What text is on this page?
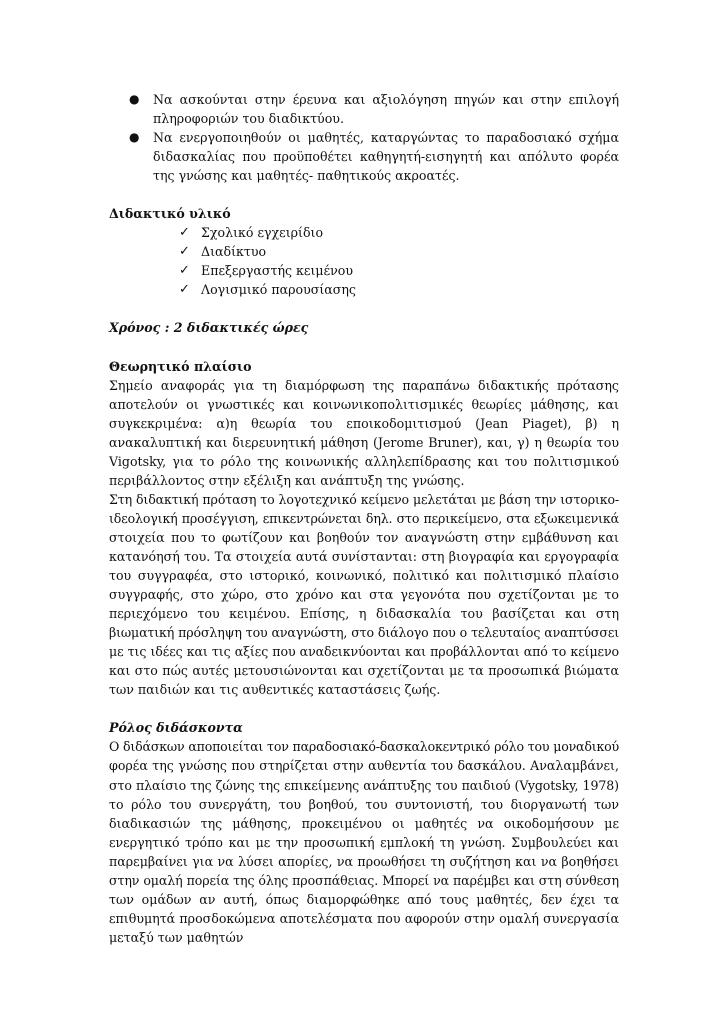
● Να ασκούνται στην έρευνα και αξιολόγηση πηγών και στην επιλογή
πληροφοριών του διαδικτύου.
● Να ενεργοποιηθούν οι μαθητές, καταργώντας το παραδοσιακό σχήμα
διδασκαλίας που προϋποθέτει καθηγητή-εισηγητή και απόλυτο φορέα
της γνώσης και μαθητές- παθητικούς ακροατές.
Διδακτικό υλικό
✓ Σχολικό εγχειρίδιο
✓ Διαδίκτυο
✓ Επεξεργαστής κειμένου
✓ Λογισμικό παρουσίασης
Χρόνος : 2 διδακτικές ώρες
Θεωρητικό πλαίσιο
Σημείο αναφοράς για τη διαμόρφωση της παραπάνω διδακτικής πρότασης
αποτελούν οι γνωστικές και κοινωνικοπολιτισμικές θεωρίες μάθησης, και
συγκεκριμένα: α)η θεωρία του εποικοδομιτισμού (Jean Piaget), β) η
ανακαλυπτική και διερευνητική μάθηση (Jerome Bruner), και, γ) η θεωρία του
Vigotsky, για το ρόλο της κοινωνικής αλληλεπίδρασης και του πολιτισμικού
περιβάλλοντος στην εξέλιξη και ανάπτυξη της γνώσης.
Στη διδακτική πρόταση το λογοτεχνικό κείμενο μελετάται με βάση την ιστορικο-
ιδεολογική προσέγγιση, επικεντρώνεται δηλ. στο περικείμενο, στα εξωκειμενικά
στοιχεία που το φωτίζουν και βοηθούν τον αναγνώστη στην εμβάθυνση και
κατανόησή του. Τα στοιχεία αυτά συνίστανται: στη βιογραφία και εργογραφία
του συγγραφέα, στο ιστορικό, κοινωνικό, πολιτικό και πολιτισμικό πλαίσιο
συγγραφής, στο χώρο, στο χρόνο και στα γεγονότα που σχετίζονται με το
περιεχόμενο του κειμένου. Επίσης, η διδασκαλία του βασίζεται και στη
βιωματική πρόσληψη του αναγνώστη, στο διάλογο που ο τελευταίος αναπτύσσει
με τις ιδέες και τις αξίες που αναδεικνύονται και προβάλλονται από το κείμενο
και στο πώς αυτές μετουσιώνονται και σχετίζονται με τα προσωπικά βιώματα
των παιδιών και τις αυθεντικές καταστάσεις ζωής.
Ρόλος διδάσκοντα
Ο διδάσκων αποποιείται τον παραδοσιακό-δασκαλοκεντρικό ρόλο του μοναδικού
φορέα της γνώσης που στηρίζεται στην αυθεντία του δασκάλου. Αναλαμβάνει,
στο πλαίσιο της ζώνης της επικείμενης ανάπτυξης του παιδιού (Vygotsky, 1978)
το ρόλο του συνεργάτη, του βοηθού, του συντονιστή, του διοργανωτή των
διαδικασιών της μάθησης, προκειμένου οι μαθητές να οικοδομήσουν με
ενεργητικό τρόπο και με την προσωπική εμπλοκή τη γνώση. Συμβουλεύει και
παρεμβαίνει για να λύσει απορίες, να προωθήσει τη συζήτηση και να βοηθήσει
στην ομαλή πορεία της όλης προσπάθειας. Μπορεί να παρέμβει και στη σύνθεση
των ομάδων αν αυτή, όπως διαμορφώθηκε από τους μαθητές, δεν έχει τα
επιθυμητά προσδοκώμενα αποτελέσματα που αφορούν στην ομαλή συνεργασία
μεταξύ των μαθητών
